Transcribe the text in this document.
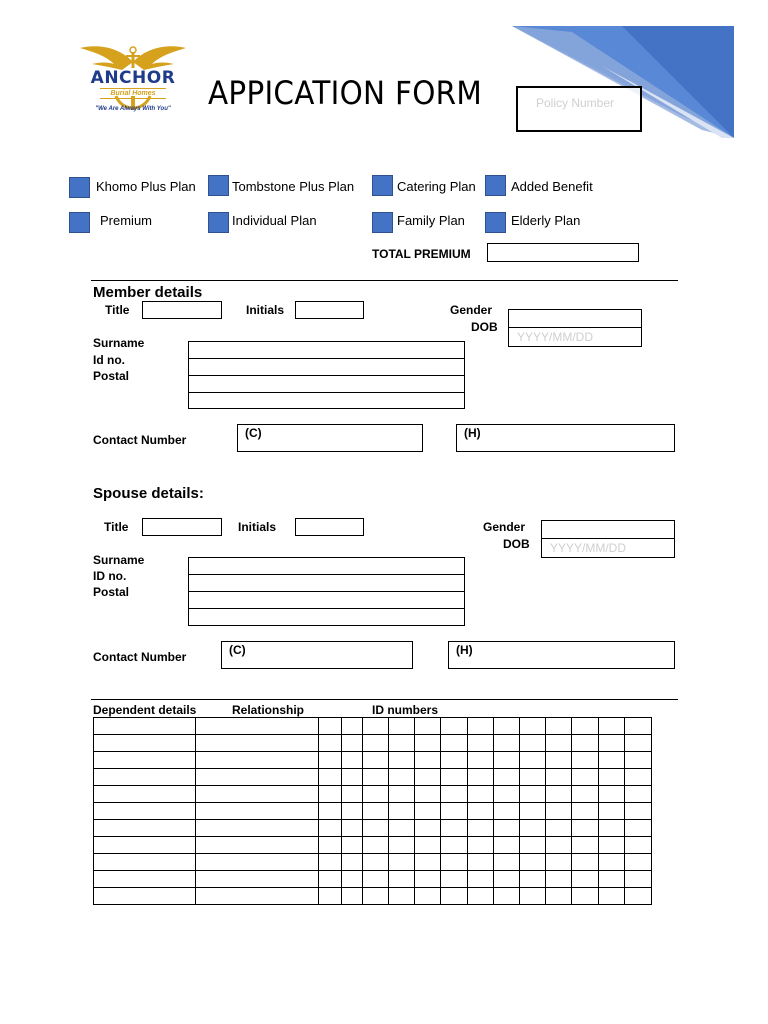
ANCHOR
Burial Homes
"We Are Always With You" APPICATION FORM	Policy Number
Khomo Plus Plan	Tombstone Plus Plan	Catering Plan	Added Benefit
Premium	Individual Plan	Family Plan	Elderly Plan
TOTAL PREMIUM
Member details
Title	Initials	Gender
DOB
YYYY/MM/DD
Surname
Id no.
Postal
Contact Number	(C)	(H)
Spouse details:
Title	Initials	Gender
DOB YYYY/MM/DD
Surname
ID no.
Postal
Contact Number	(C)	(H)
Dependent details	Relationship	ID numbers
